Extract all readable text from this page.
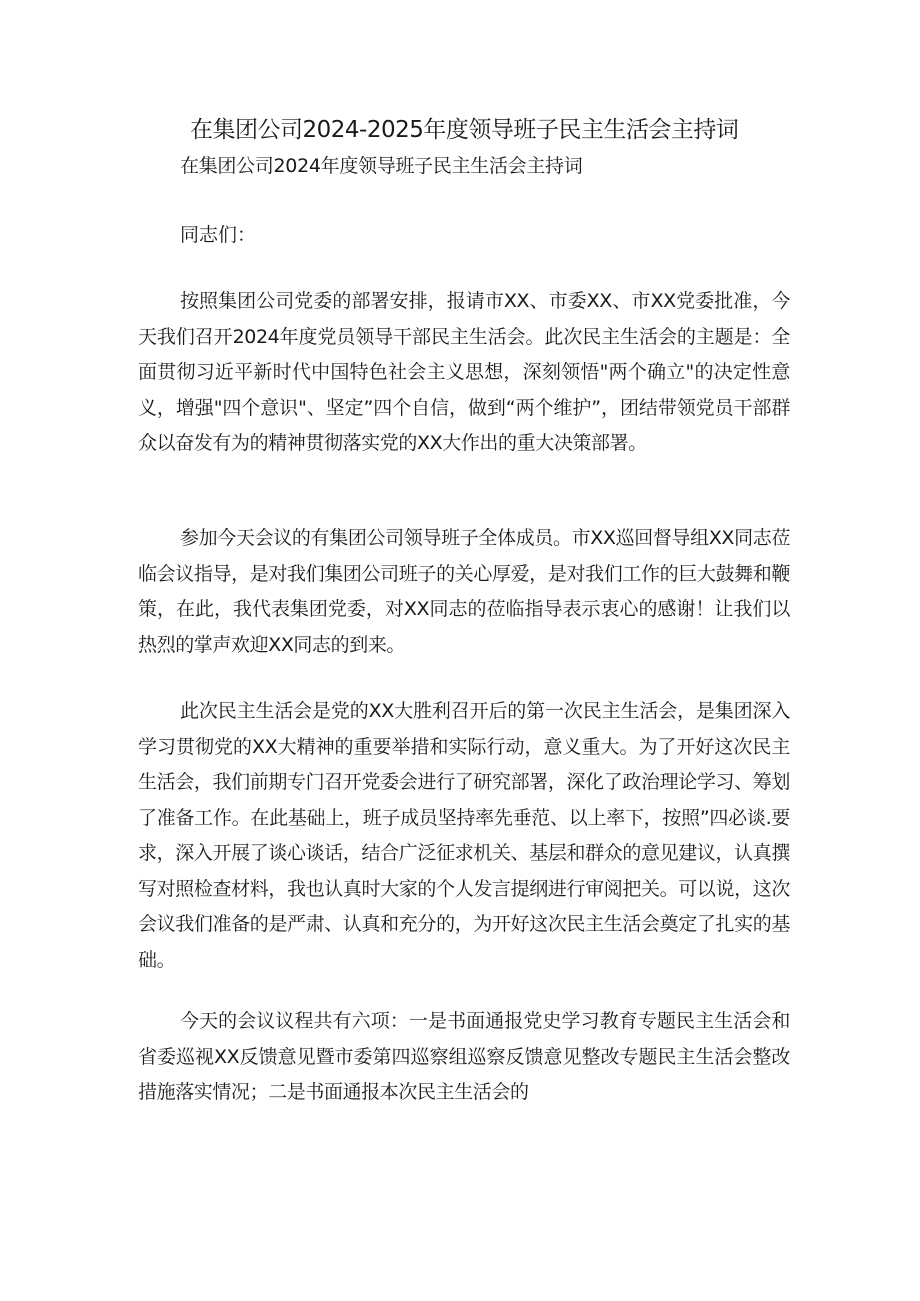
在集团公司2024-2025年度领导班子民主生活会主持词

在集团公司2024年度领导班子民主生活会主持词

同志们：

按照集团公司党委的部署安排，报请市XX、市委XX、市XX党委批准，今天我们召开2024年度党员领导干部民主生活会。此次民主生活会的主题是：全面贯彻习近平新时代中国特色社会主义思想，深刻领悟"两个确立"的决定性意义，增强"四个意识"、坚定”四个自信，做到“两个维护”，团结带领党员干部群众以奋发有为的精神贯彻落实党的XX大作出的重大决策部署。

参加今天会议的有集团公司领导班子全体成员。市XX巡回督导组XX同志莅临会议指导，是对我们集团公司班子的关心厚爱，是对我们工作的巨大鼓舞和鞭策，在此，我代表集团党委，对XX同志的莅临指导表示衷心的感谢！让我们以热烈的掌声欢迎XX同志的到来。

此次民主生活会是党的XX大胜利召开后的第一次民主生活会，是集团深入学习贯彻党的XX大精神的重要举措和实际行动，意义重大。为了开好这次民主生活会，我们前期专门召开党委会进行了研究部署，深化了政治理论学习、筹划了准备工作。在此基础上，班子成员坚持率先垂范、以上率下，按照”四必谈.要求，深入开展了谈心谈话，结合广泛征求机关、基层和群众的意见建议，认真撰写对照检查材料，我也认真时大家的个人发言提纲进行审阅把关。可以说，这次会议我们准备的是严肃、认真和充分的，为开好这次民主生活会奠定了扎实的基础。

今天的会议议程共有六项：一是书面通报党史学习教育专题民主生活会和省委巡视XX反馈意见暨市委第四巡察组巡察反馈意见整改专题民主生活会整改措施落实情况；二是书面通报本次民主生活会的
